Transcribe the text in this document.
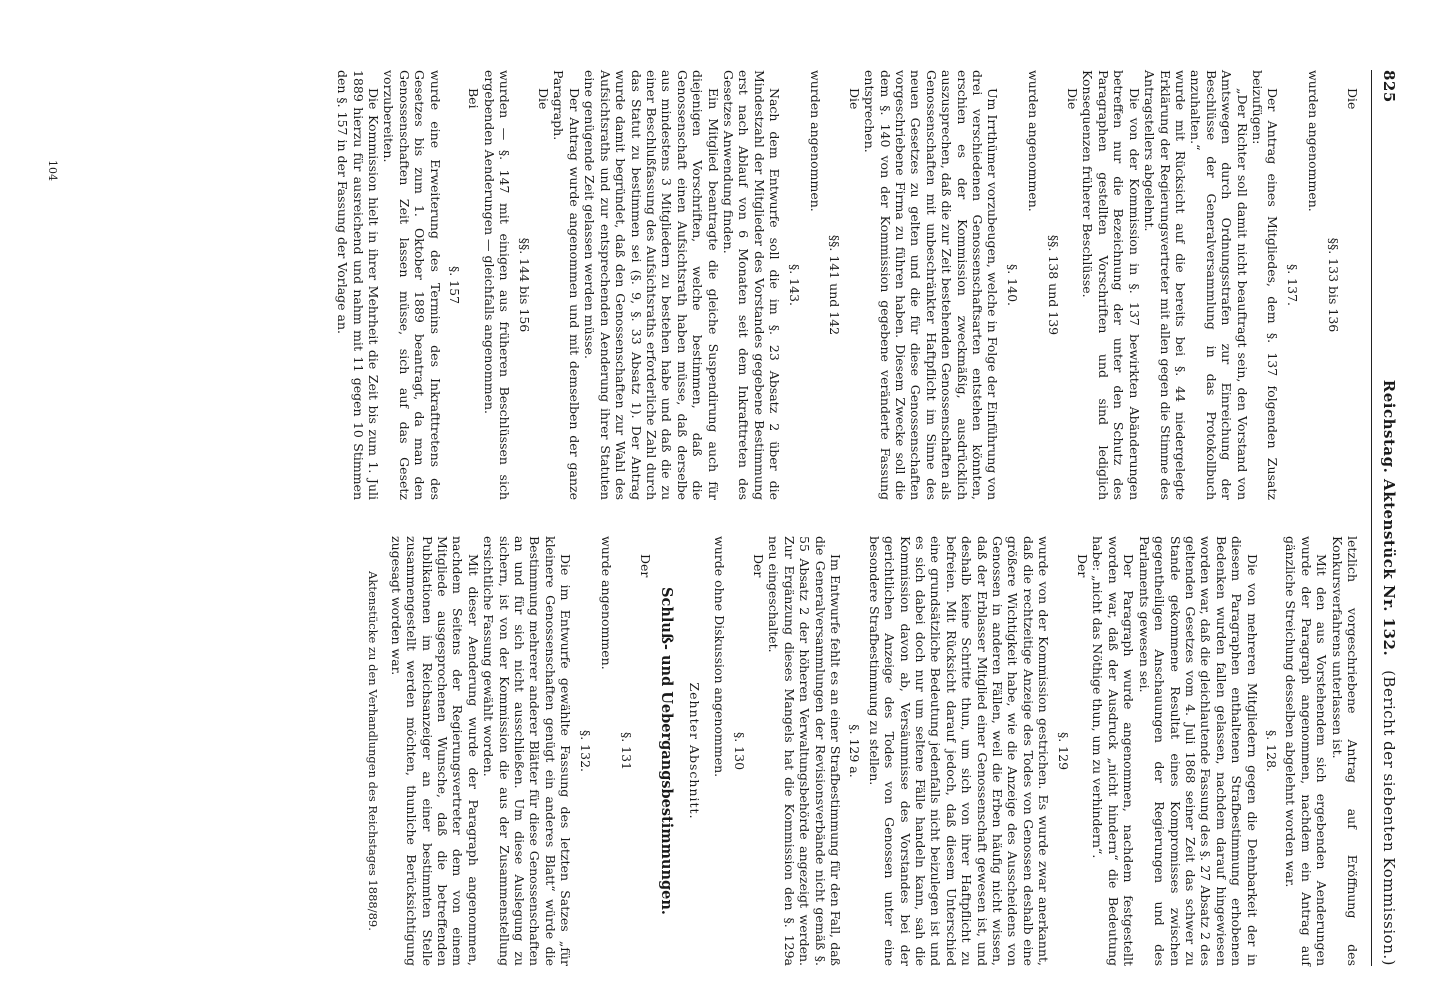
825
Reichstag. Aktenstück Nr. 132.
(Bericht der siebenten Kommission.)

Die

§§. 133 bis 136

wurden angenommen.

§. 137.

Der Antrag eines Mitgliedes, dem §. 137 folgenden Zusatz beizufügen:

„Der Richter soll damit nicht beauftragt sein, den Vorstand von Amtswegen durch Ordnungsstrafen zur Einreichung der Beschlüsse der Generalversammlung in das Protokollbuch anzuhalten.“

wurde mit Rücksicht auf die bereits bei §. 44 niedergelegte Erklärung der Regierungsvertreter mit allen gegen die Stimme des Antragstellers abgelehnt.

Die von der Kommission in §. 137 bewirkten Abänderungen betreffen nur die Bezeichnung der unter den Schutz des Paragraphen gestellten Vorschriften und sind lediglich Konsequenzen früherer Beschlüsse.

Die

§§. 138 und 139

wurden angenommen.

§. 140.

Um Irrthümer vorzubeugen, welche in Folge der Einführung von drei verschiedenen Genossenschaftsarten entstehen könnten, erschien es der Kommission zweckmäßig, ausdrücklich auszusprechen, daß die zur Zeit bestehenden Genossenschaften als Genossenschaften mit unbeschränkter Haftpflicht im Sinne des neuen Gesetzes zu gelten und die für diese Genossenschaften vorgeschriebene Firma zu führen haben. Diesem Zwecke soll die dem §. 140 von der Kommission gegebene veränderte Fassung entsprechen.

Die

§§. 141 und 142

wurden angenommen.

§. 143.

Nach dem Entwurfe soll die im §. 23 Absatz 2 über die Mindestzahl der Mitglieder des Vorstandes gegebene Bestimmung erst nach Ablauf von 6 Monaten seit dem Inkrafttreten des Gesetzes Anwendung finden.

Ein Mitglied beantragte die gleiche Suspendirung auch für diejenigen Vorschriften, welche bestimmen, daß die Genossenschaft einen Aufsichtsrath haben müsse, daß derselbe aus mindestens 3 Mitgliedern zu bestehen habe und daß die zu einer Beschlußfassung des Aufsichtsraths erforderliche Zahl durch das Statut zu bestimmen sei (§. 9, §. 33 Absatz 1). Der Antrag wurde damit begründet, daß den Genossenschaften zur Wahl des Aufsichtsraths und zur entsprechenden Aenderung ihrer Statuten eine genügende Zeit gelassen werden müsse.

Der Antrag wurde angenommen und mit demselben der ganze Paragraph.

Die

§§. 144 bis 156

wurden — §. 147 mit einigen aus früheren Beschlüssen sich ergebenden Aenderungen — gleichfalls angenommen.

Bei

§. 157

wurde eine Erweiterung des Termins des Inkrafttretens des Gesetzes bis zum 1. Oktober 1889 beantragt, da man den Genossenschaften Zeit lassen müsse, sich auf das Gesetz vorzubereiten.

Die Kommission hielt in ihrer Mehrheit die Zeit bis zum 1. Juli 1889 hierzu für ausreichend und nahm mit 11 gegen 10 Stimmen den §. 157 in der Fassung der Vorlage an.

letzlich vorgeschriebene Antrag auf Eröffnung des Konkursverfahrens unterlassen ist.

Mit den aus Vorstehendem sich ergebenden Aenderungen wurde der Paragraph angenommen, nachdem ein Antrag auf gänzliche Streichung desselben abgelehnt worden war.

§. 128.

Die von mehreren Mitgliedern gegen die Dehnbarkeit der in diesem Paragraphen enthaltenen Strafbestimmung erhobenen Bedenken wurden fallen gelassen, nachdem darauf hingewiesen worden war, daß die gleichlautende Fassung des §. 27 Absatz 2 des geltenden Gesetzes vom 4. Juli 1868 seiner Zeit das schwer zu Stande gekommene Resultat eines Kompromisses zwischen gegentheiligen Anschauungen der Regierungen und des Parlaments gewesen sei.

Der Paragraph wurde angenommen, nachdem festgestellt worden war, daß der Ausdruck „nicht hindern“ die Bedeutung habe: „nicht das Nöthige thun, um zu verhindern“.

Der

§. 129

wurde von der Kommission gestrichen. Es wurde zwar anerkannt, daß die rechtzeitige Anzeige des Todes von Genossen deshalb eine größere Wichtigkeit habe, wie die Anzeige des Ausscheidens von Genossen in anderen Fällen, weil die Erben häufig nicht wissen, daß der Erblasser Mitglied einer Genossenschaft gewesen ist, und deshalb keine Schritte thun, um sich von ihrer Haftpflicht zu befreien. Mit Rücksicht darauf jedoch, daß diesem Unterschied eine grundsätzliche Bedeutung jedenfalls nicht beizulegen ist und es sich dabei doch nur um seltene Fälle handeln kann, sah die Kommission davon ab, Versäumnisse des Vorstandes bei der gerichtlichen Anzeige des Todes von Genossen unter eine besondere Strafbestimmung zu stellen.

§. 129 a.

Im Entwurfe fehlt es an einer Strafbestimmung für den Fall, daß die Generalversammlungen der Revisionsverbände nicht gemäß §. 55 Absatz 2 der höheren Verwaltungsbehörde angezeigt werden. Zur Ergänzung dieses Mangels hat die Kommission den §. 129a neu eingeschaltet.

Der

§. 130

wurde ohne Diskussion angenommen.

Zehnter Abschnitt.
Schluß- und Uebergangsbestimmungen.

Der

§. 131

wurde angenommen.

§. 132.

Die im Entwurfe gewählte Fassung des letzten Satzes „für kleinere Genossenschaften genügt ein anderes Blatt“ würde die Bestimmung mehrerer anderer Blätter für diese Genossenschaften an und für sich nicht ausschließen. Um diese Auslegung zu sichern, ist von der Kommission die aus der Zusammenstellung ersichtliche Fassung gewählt worden.

Mit dieser Aenderung wurde der Paragraph angenommen, nachdem Seitens der Regierungsvertreter dem von einem Mitgliede ausgesprochenen Wunsche, daß die betreffenden Publikationen im Reichsanzeiger an einer bestimmten Stelle zusammengestellt werden möchten, thunliche Berücksichtigung zugesagt worden war.

Aktenstücke zu den Verhandlungen des Reichstages 1888/89.
104
